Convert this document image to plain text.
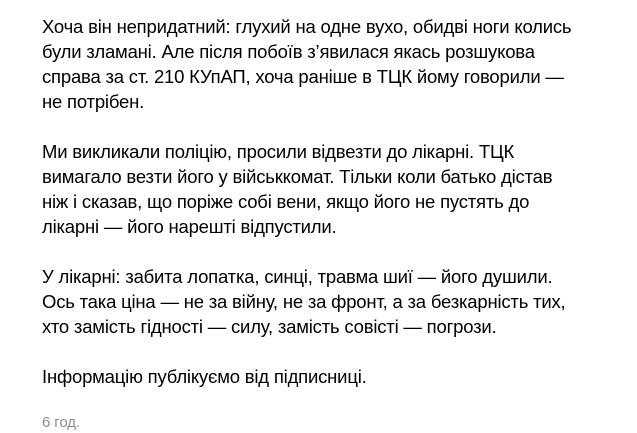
Хоча він непридатний: глухий на одне вухо, обидві ноги колись
були зламані. Але після побоїв з’явилася якась розшукова
справа за ст. 210 КУпАП, хоча раніше в ТЦК йому говорили —
не потрібен.

Ми викликали поліцію, просили відвезти до лікарні. ТЦК
вимагало везти його у військкомат. Тільки коли батько дістав
ніж і сказав, що поріже собі вени, якщо його не пустять до
лікарні — його нарешті відпустили.

У лікарні: забита лопатка, синці, травма шиї — його душили.
Ось така ціна — не за війну, не за фронт, а за безкарність тих,
хто замість гідності — силу, замість совісті — погрози.

Інформацію публікуємо від підписниці.

6 год.
